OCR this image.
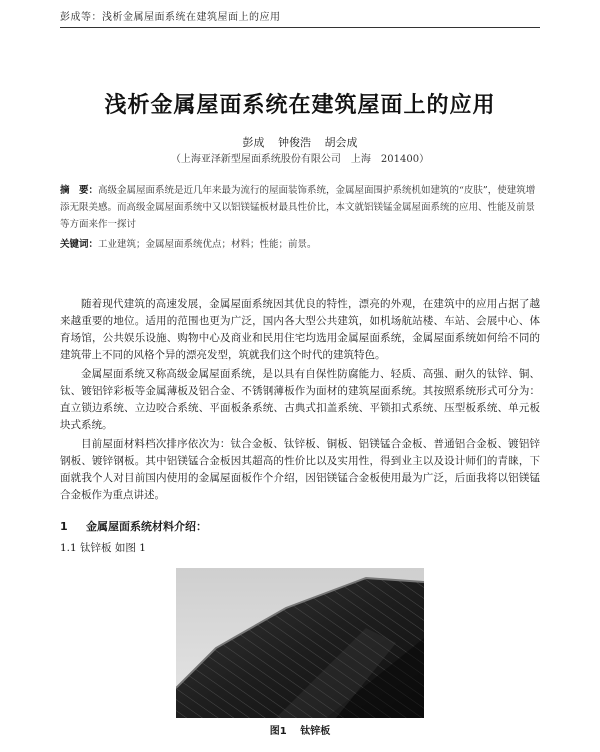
彭成等：浅析金属屋面系统在建筑屋面上的应用
浅析金属屋面系统在建筑屋面上的应用
彭成 钟俊浩 胡会成
（上海亚泽新型屋面系统股份有限公司　上海　201400）
摘　要：高级金属屋面系统是近几年来最为流行的屋面装饰系统，金属屋面围护系统机如建筑的“皮肤”，使建筑增添无限美感。而高级金属屋面系统中又以铝镁锰板材最具性价比，本文就铝镁锰金属屋面系统的应用、性能及前景等方面来作一探讨
关键词：工业建筑；金属屋面系统优点；材料；性能；前景。

随着现代建筑的高速发展，金属屋面系统因其优良的特性，漂亮的外观，在建筑中的应用占据了越来越重要的地位。适用的范围也更为广泛，国内各大型公共建筑，如机场航站楼、车站、会展中心、体育场馆，公共娱乐设施、购物中心及商业和民用住宅均选用金属屋面系统，金属屋面系统如何给不同的建筑带上不同的风格个异的漂亮发型，筑就我们这个时代的建筑特色。

金属屋面系统又称高级金属屋面系统，是以具有自保性防腐能力、轻质、高强、耐久的钛锌、铜、钛、镀铝锌彩板等金属薄板及铝合金、不锈钢薄板作为面材的建筑屋面系统。其按照系统形式可分为：直立锁边系统、立边咬合系统、平面板条系统、古典式扣盖系统、平锁扣式系统、压型板系统、单元板块式系统。

目前屋面材料档次排序依次为：钛合金板、钛锌板、铜板、铝镁锰合金板、普通铝合金板、镀铝锌钢板、镀锌钢板。其中铝镁锰合金板因其超高的性价比以及实用性，得到业主以及设计师们的青睐，下面就我个人对目前国内使用的金属屋面板作个介绍，因铝镁锰合金板使用最为广泛，后面我将以铝镁锰合金板作为重点讲述。

1 金属屋面系统材料介绍：
1.1 钛锌板 如图 1
图1 钛锌板
